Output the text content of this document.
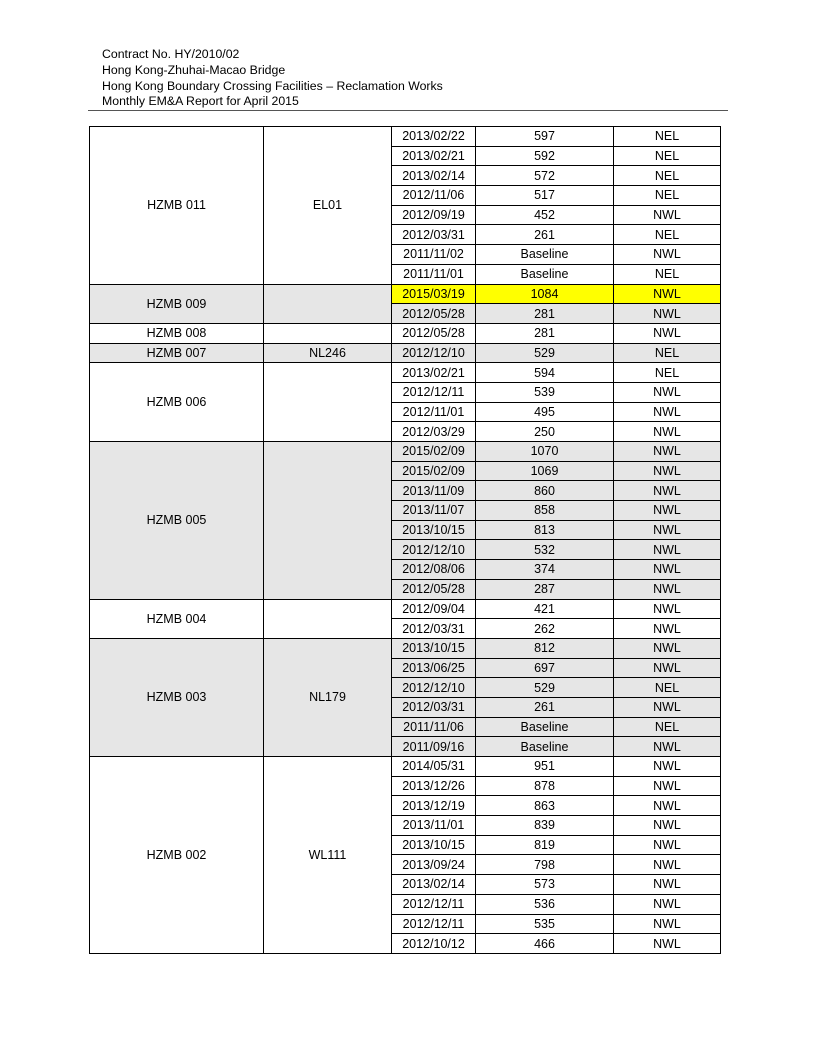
Contract No. HY/2010/02
Hong Kong-Zhuhai-Macao Bridge
Hong Kong Boundary Crossing Facilities – Reclamation Works
Monthly EM&A Report for April 2015
HZMB 011	EL01	2013/02/22	597	NEL
		2013/02/21	592	NEL
		2013/02/14	572	NEL
		2012/11/06	517	NEL
		2012/09/19	452	NWL
		2012/03/31	261	NEL
		2011/11/02	Baseline	NWL
		2011/11/01	Baseline	NEL
HZMB 009		2015/03/19	1084	NWL
		2012/05/28	281	NWL
HZMB 008		2012/05/28	281	NWL
HZMB 007	NL246	2012/12/10	529	NEL
HZMB 006		2013/02/21	594	NEL
		2012/12/11	539	NWL
		2012/11/01	495	NWL
		2012/03/29	250	NWL
HZMB 005		2015/02/09	1070	NWL
		2015/02/09	1069	NWL
		2013/11/09	860	NWL
		2013/11/07	858	NWL
		2013/10/15	813	NWL
		2012/12/10	532	NWL
		2012/08/06	374	NWL
		2012/05/28	287	NWL
HZMB 004		2012/09/04	421	NWL
		2012/03/31	262	NWL
HZMB 003	NL179	2013/10/15	812	NWL
		2013/06/25	697	NWL
		2012/12/10	529	NEL
		2012/03/31	261	NWL
		2011/11/06	Baseline	NEL
		2011/09/16	Baseline	NWL
HZMB 002	WL111	2014/05/31	951	NWL
		2013/12/26	878	NWL
		2013/12/19	863	NWL
		2013/11/01	839	NWL
		2013/10/15	819	NWL
		2013/09/24	798	NWL
		2013/02/14	573	NWL
		2012/12/11	536	NWL
		2012/12/11	535	NWL
		2012/10/12	466	NWL
